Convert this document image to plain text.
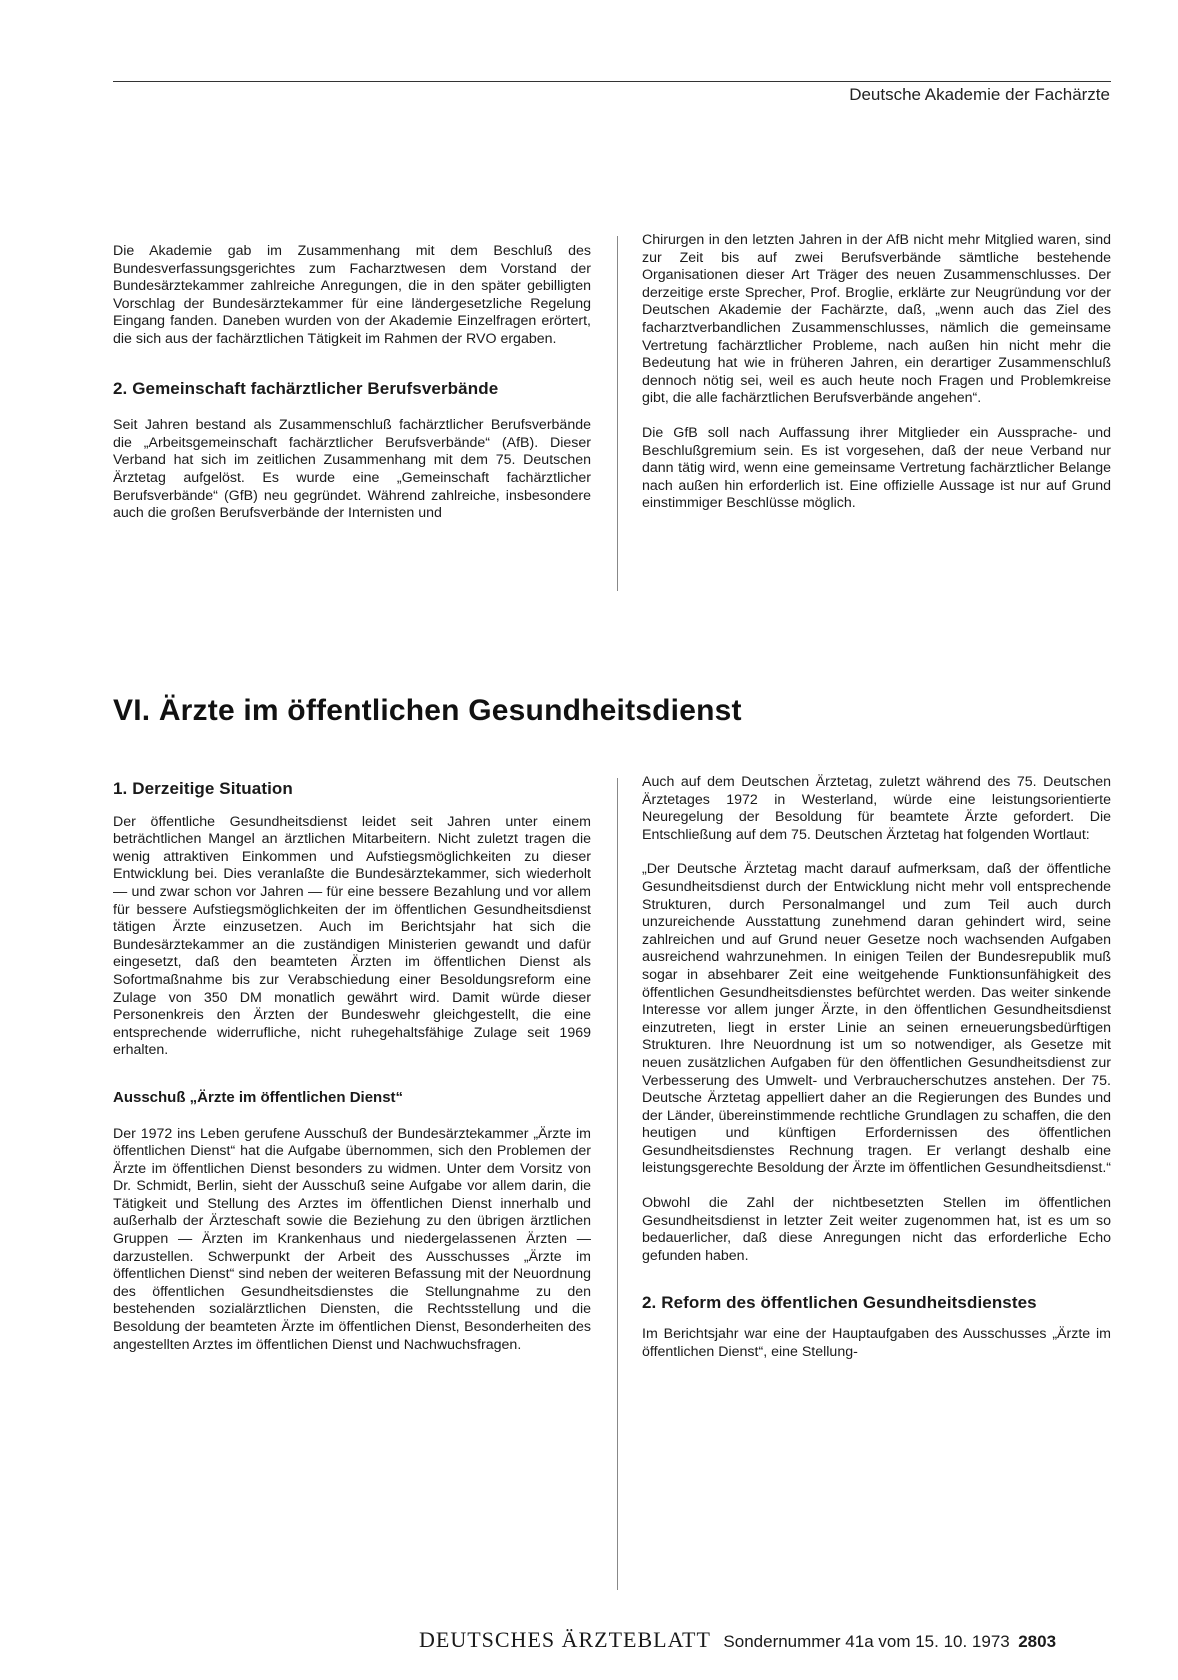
Deutsche Akademie der Fachärzte

Die Akademie gab im Zusammenhang mit dem Beschluß des Bundesverfassungsgerichtes zum Facharztwesen dem Vorstand der Bundesärztekammer zahlreiche Anregungen, die in den später gebilligten Vorschlag der Bundesärztekammer für eine ländergesetzliche Regelung Eingang fanden. Daneben wurden von der Akademie Einzelfragen erörtert, die sich aus der fachärztlichen Tätigkeit im Rahmen der RVO ergaben.

2. Gemeinschaft fachärztlicher Berufsverbände

Seit Jahren bestand als Zusammenschluß fachärztlicher Berufsverbände die „Arbeitsgemeinschaft fachärztlicher Berufsverbände“ (AfB). Dieser Verband hat sich im zeitlichen Zusammenhang mit dem 75. Deutschen Ärztetag aufgelöst. Es wurde eine „Gemeinschaft fachärztlicher Berufsverbände“ (GfB) neu gegründet. Während zahlreiche, insbesondere auch die großen Berufsverbände der Internisten und

Chirurgen in den letzten Jahren in der AfB nicht mehr Mitglied waren, sind zur Zeit bis auf zwei Berufsverbände sämtliche bestehende Organisationen dieser Art Träger des neuen Zusammenschlusses. Der derzeitige erste Sprecher, Prof. Broglie, erklärte zur Neugründung vor der Deutschen Akademie der Fachärzte, daß, „wenn auch das Ziel des facharztverbandlichen Zusammenschlusses, nämlich die gemeinsame Vertretung fachärztlicher Probleme, nach außen hin nicht mehr die Bedeutung hat wie in früheren Jahren, ein derartiger Zusammenschluß dennoch nötig sei, weil es auch heute noch Fragen und Problemkreise gibt, die alle fachärztlichen Berufsverbände angehen“.

Die GfB soll nach Auffassung ihrer Mitglieder ein Aussprache- und Beschlußgremium sein. Es ist vorgesehen, daß der neue Verband nur dann tätig wird, wenn eine gemeinsame Vertretung fachärztlicher Belange nach außen hin erforderlich ist. Eine offizielle Aussage ist nur auf Grund einstimmiger Beschlüsse möglich.

VI. Ärzte im öffentlichen Gesundheitsdienst

1. Derzeitige Situation

Der öffentliche Gesundheitsdienst leidet seit Jahren unter einem beträchtlichen Mangel an ärztlichen Mitarbeitern. Nicht zuletzt tragen die wenig attraktiven Einkommen und Aufstiegsmöglichkeiten zu dieser Entwicklung bei. Dies veranlaßte die Bundesärztekammer, sich wiederholt — und zwar schon vor Jahren — für eine bessere Bezahlung und vor allem für bessere Aufstiegsmöglichkeiten der im öffentlichen Gesundheitsdienst tätigen Ärzte einzusetzen. Auch im Berichtsjahr hat sich die Bundesärztekammer an die zuständigen Ministerien gewandt und dafür eingesetzt, daß den beamteten Ärzten im öffentlichen Dienst als Sofortmaßnahme bis zur Verabschiedung einer Besoldungsreform eine Zulage von 350 DM monatlich gewährt wird. Damit würde dieser Personenkreis den Ärzten der Bundeswehr gleichgestellt, die eine entsprechende widerrufliche, nicht ruhegehaltsfähige Zulage seit 1969 erhalten.

Ausschuß „Ärzte im öffentlichen Dienst“

Der 1972 ins Leben gerufene Ausschuß der Bundesärztekammer „Ärzte im öffentlichen Dienst“ hat die Aufgabe übernommen, sich den Problemen der Ärzte im öffentlichen Dienst besonders zu widmen. Unter dem Vorsitz von Dr. Schmidt, Berlin, sieht der Ausschuß seine Aufgabe vor allem darin, die Tätigkeit und Stellung des Arztes im öffentlichen Dienst innerhalb und außerhalb der Ärzteschaft sowie die Beziehung zu den übrigen ärztlichen Gruppen — Ärzten im Krankenhaus und niedergelassenen Ärzten — darzustellen. Schwerpunkt der Arbeit des Ausschusses „Ärzte im öffentlichen Dienst“ sind neben der weiteren Befassung mit der Neuordnung des öffentlichen Gesundheitsdienstes die Stellungnahme zu den bestehenden sozialärztlichen Diensten, die Rechtsstellung und die Besoldung der beamteten Ärzte im öffentlichen Dienst, Besonderheiten des angestellten Arztes im öffentlichen Dienst und Nachwuchsfragen.

Auch auf dem Deutschen Ärztetag, zuletzt während des 75. Deutschen Ärztetages 1972 in Westerland, würde eine leistungsorientierte Neuregelung der Besoldung für beamtete Ärzte gefordert. Die Entschließung auf dem 75. Deutschen Ärztetag hat folgenden Wortlaut:

„Der Deutsche Ärztetag macht darauf aufmerksam, daß der öffentliche Gesundheitsdienst durch der Entwicklung nicht mehr voll entsprechende Strukturen, durch Personalmangel und zum Teil auch durch unzureichende Ausstattung zunehmend daran gehindert wird, seine zahlreichen und auf Grund neuer Gesetze noch wachsenden Aufgaben ausreichend wahrzunehmen. In einigen Teilen der Bundesrepublik muß sogar in absehbarer Zeit eine weitgehende Funktionsunfähigkeit des öffentlichen Gesundheitsdienstes befürchtet werden. Das weiter sinkende Interesse vor allem junger Ärzte, in den öffentlichen Gesundheitsdienst einzutreten, liegt in erster Linie an seinen erneuerungsbedürftigen Strukturen. Ihre Neuordnung ist um so notwendiger, als Gesetze mit neuen zusätzlichen Aufgaben für den öffentlichen Gesundheitsdienst zur Verbesserung des Umwelt- und Verbraucherschutzes anstehen. Der 75. Deutsche Ärztetag appelliert daher an die Regierungen des Bundes und der Länder, übereinstimmende rechtliche Grundlagen zu schaffen, die den heutigen und künftigen Erfordernissen des öffentlichen Gesundheitsdienstes Rechnung tragen. Er verlangt deshalb eine leistungsgerechte Besoldung der Ärzte im öffentlichen Gesundheitsdienst.“

Obwohl die Zahl der nichtbesetzten Stellen im öffentlichen Gesundheitsdienst in letzter Zeit weiter zugenommen hat, ist es um so bedauerlicher, daß diese Anregungen nicht das erforderliche Echo gefunden haben.

2. Reform des öffentlichen Gesundheitsdienstes

Im Berichtsjahr war eine der Hauptaufgaben des Ausschusses „Ärzte im öffentlichen Dienst“, eine Stellung-

DEUTSCHES ÄRZTEBLATT Sondernummer 41a vom 15. 10. 1973 2803
